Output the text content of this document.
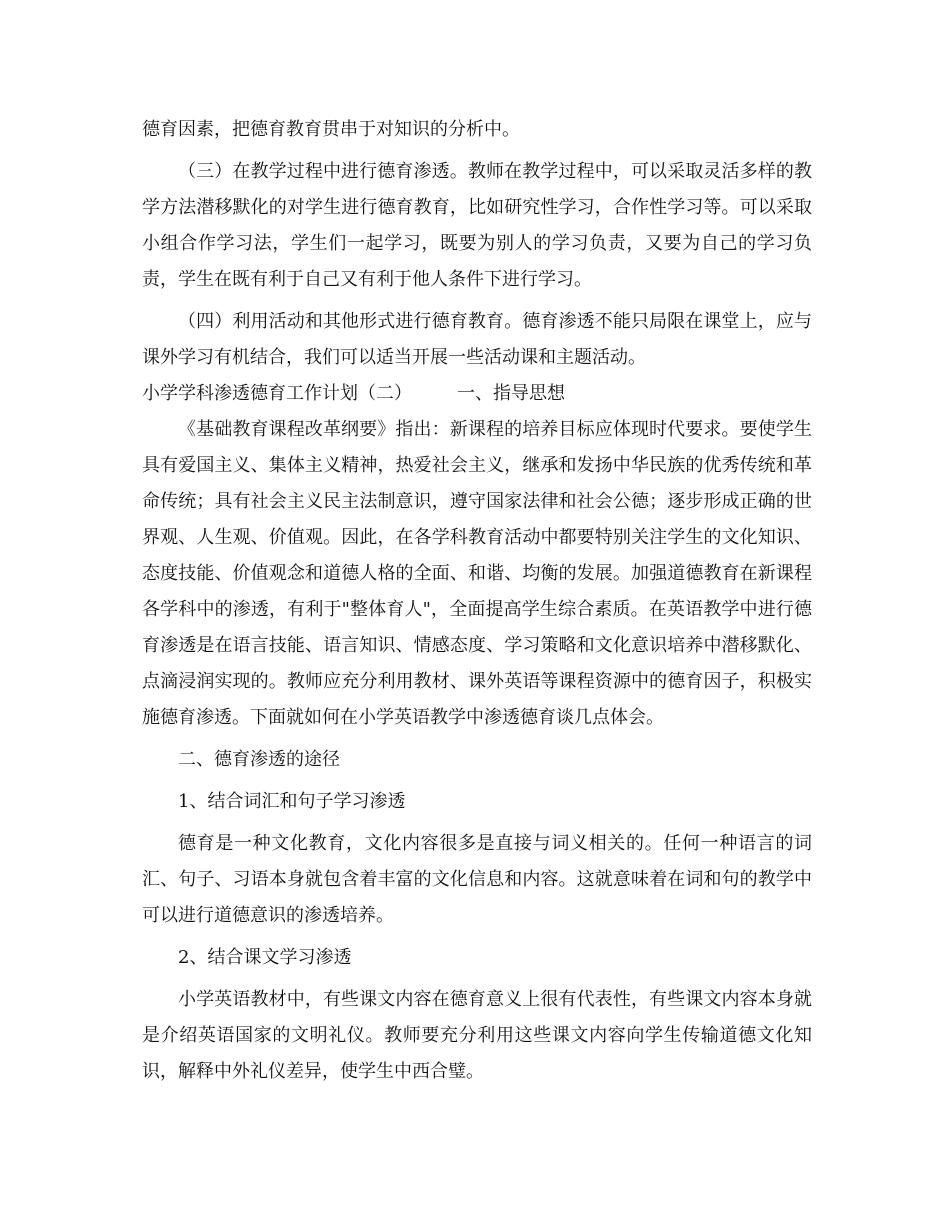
德育因素，把德育教育贯串于对知识的分析中。

（三）在教学过程中进行德育渗透。教师在教学过程中，可以采取灵活多样的教学方法潜移默化的对学生进行德育教育，比如研究性学习，合作性学习等。可以采取小组合作学习法，学生们一起学习，既要为别人的学习负责，又要为自己的学习负责，学生在既有利于自己又有利于他人条件下进行学习。

（四）利用活动和其他形式进行德育教育。德育渗透不能只局限在课堂上，应与课外学习有机结合，我们可以适当开展一些活动课和主题活动。

小学学科渗透德育工作计划（二）	一、指导思想

《基础教育课程改革纲要》指出：新课程的培养目标应体现时代要求。要使学生具有爱国主义、集体主义精神，热爱社会主义，继承和发扬中华民族的优秀传统和革命传统；具有社会主义民主法制意识，遵守国家法律和社会公德；逐步形成正确的世界观、人生观、价值观。因此，在各学科教育活动中都要特别关注学生的文化知识、态度技能、价值观念和道德人格的全面、和谐、均衡的发展。加强道德教育在新课程各学科中的渗透，有利于"整体育人"，全面提高学生综合素质。在英语教学中进行德育渗透是在语言技能、语言知识、情感态度、学习策略和文化意识培养中潜移默化、点滴浸润实现的。教师应充分利用教材、课外英语等课程资源中的德育因子，积极实施德育渗透。下面就如何在小学英语教学中渗透德育谈几点体会。

二、德育渗透的途径

1、结合词汇和句子学习渗透

德育是一种文化教育，文化内容很多是直接与词义相关的。任何一种语言的词汇、句子、习语本身就包含着丰富的文化信息和内容。这就意味着在词和句的教学中可以进行道德意识的渗透培养。

2、结合课文学习渗透

小学英语教材中，有些课文内容在德育意义上很有代表性，有些课文内容本身就是介绍英语国家的文明礼仪。教师要充分利用这些课文内容向学生传输道德文化知识，解释中外礼仪差异，使学生中西合璧。
